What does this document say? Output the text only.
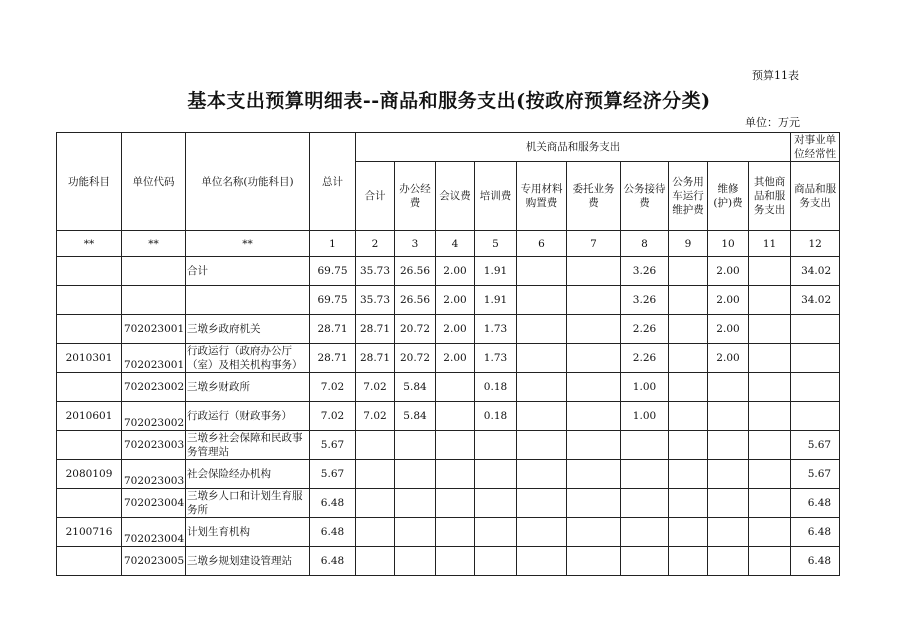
预算11表
基本支出预算明细表--商品和服务支出(按政府预算经济分类)
单位：万元
功能科目	单位代码	单位名称(功能科目)	总计	机关商品和服务支出										对事业单位经常性
				合计	办公经费	会议费	培训费	专用材料购置费	委托业务费	公务接待费	公务用车运行维护费	维修(护)费	其他商品和服务支出	商品和服务支出
**	**	**	1	2	3	4	5	6	7	8	9	10	11	12
		合计	69.75	35.73	26.56	2.00	1.91			3.26		2.00		34.02
			69.75	35.73	26.56	2.00	1.91			3.26		2.00		34.02
	702023001	三墩乡政府机关	28.71	28.71	20.72	2.00	1.73			2.26		2.00		
2010301	702023001	行政运行（政府办公厅（室）及相关机构事务）	28.71	28.71	20.72	2.00	1.73			2.26		2.00		
	702023002	三墩乡财政所	7.02	7.02	5.84		0.18			1.00				
2010601	702023002	行政运行（财政事务）	7.02	7.02	5.84		0.18			1.00				
	702023003	三墩乡社会保障和民政事务管理站	5.67											5.67
2080109	702023003	社会保险经办机构	5.67											5.67
	702023004	三墩乡人口和计划生育服务所	6.48											6.48
2100716	702023004	计划生育机构	6.48											6.48
	702023005	三墩乡规划建设管理站	6.48											6.48
